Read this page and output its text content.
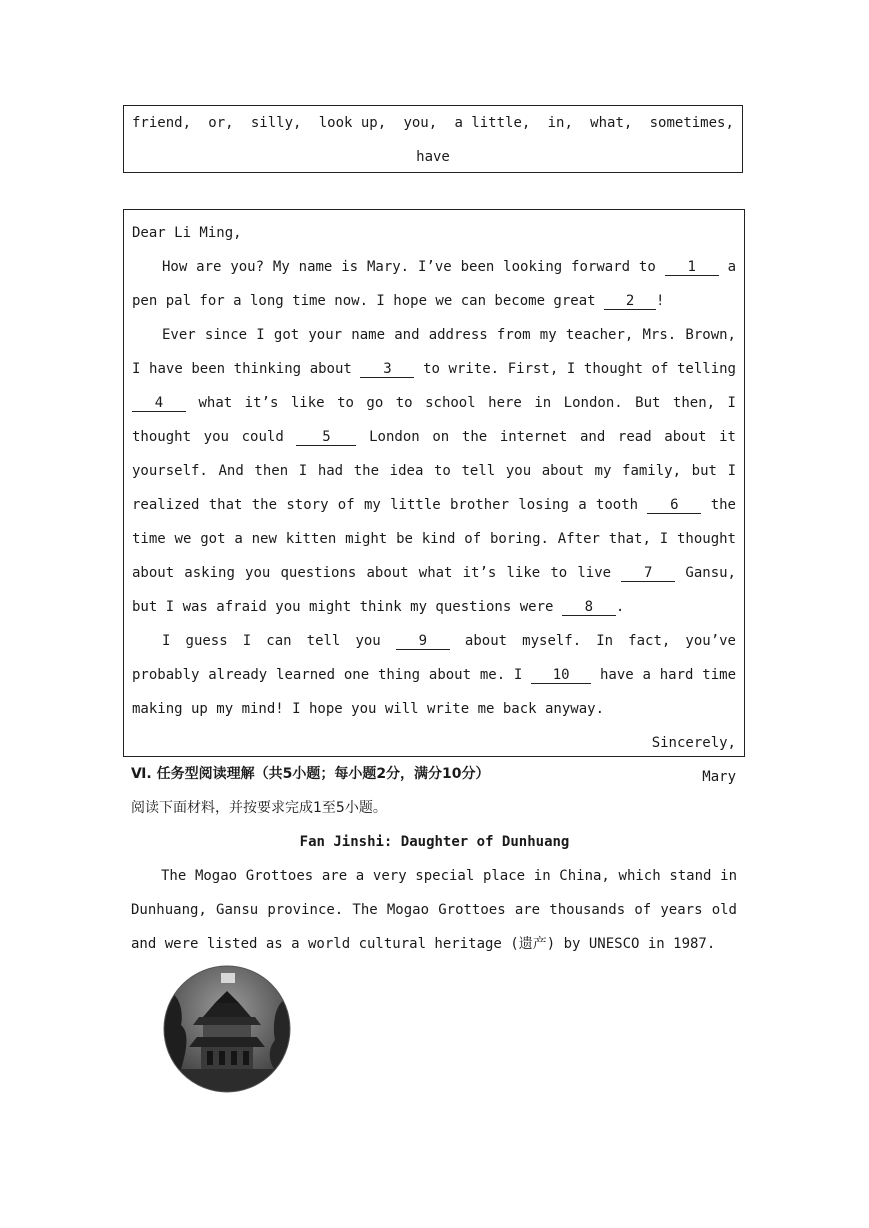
friend, or, silly, look up, you, a little, in, what, sometimes,
have

Dear Li Ming,

How are you? My name is Mary. I’ve been looking forward to 1 a pen pal for a long time now. I hope we can become great 2 !

Ever since I got your name and address from my teacher, Mrs. Brown, I have been thinking about 3 to write. First, I thought of telling 4	what it’s like to go to school here in London. But then, I thought you could	5	London on the internet and read about it yourself. And then I had the idea to tell you about my family, but I realized that the story of my little brother losing a tooth 6 the time we got a new kitten might be kind of boring. After that, I thought about asking you questions about what it’s like to live 7 Gansu, but I was afraid you might think my questions were 8 .

I guess I can tell you	9	about myself. In fact, you’ve probably already learned one thing about me. I 10 have a hard time making up my mind! I hope you will write me back anyway.

Sincerely,

Mary

Ⅵ. 任务型阅读理解（共5小题；每小题2分，满分10分）
阅读下面材料，并按要求完成1至5小题。
Fan Jinshi: Daughter of Dunhuang

The Mogao Grottoes are a very special place in China, which stand in Dunhuang, Gansu province. The Mogao Grottoes are thousands of years old and were listed as a world cultural heritage (遗产) by UNESCO in 1987.
